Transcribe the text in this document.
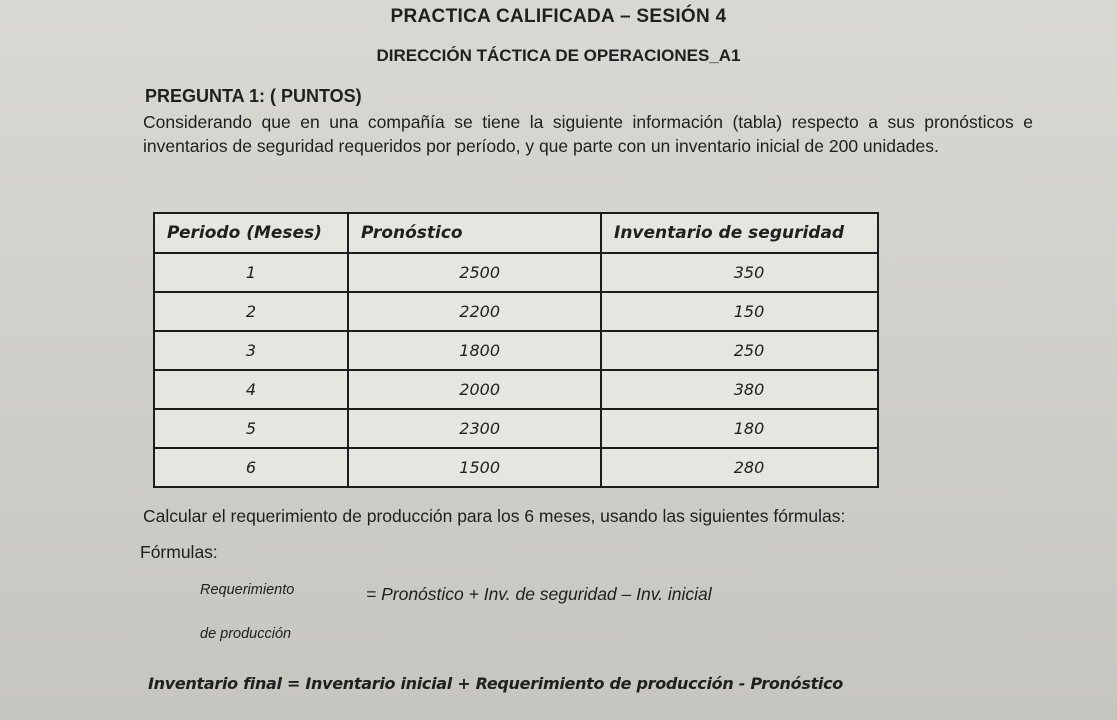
PRACTICA CALIFICADA – SESIÓN 4
DIRECCIÓN TÁCTICA DE OPERACIONES_A1
PREGUNTA 1: ( PUNTOS)
Considerando que en una compañía se tiene la siguiente información (tabla) respecto a sus pronósticos e inventarios de seguridad requeridos por período, y que parte con un inventario inicial de 200 unidades.
Periodo (Meses)	Pronóstico	Inventario de seguridad
1	2500	350
2	2200	150
3	1800	250
4	2000	380
5	2300	180
6	1500	280
Calcular el requerimiento de producción para los 6 meses, usando las siguientes fórmulas:
Fórmulas:
Requerimiento
de producción
= Pronóstico + Inv. de seguridad – Inv. inicial
Inventario final = Inventario inicial + Requerimiento de producción - Pronóstico
